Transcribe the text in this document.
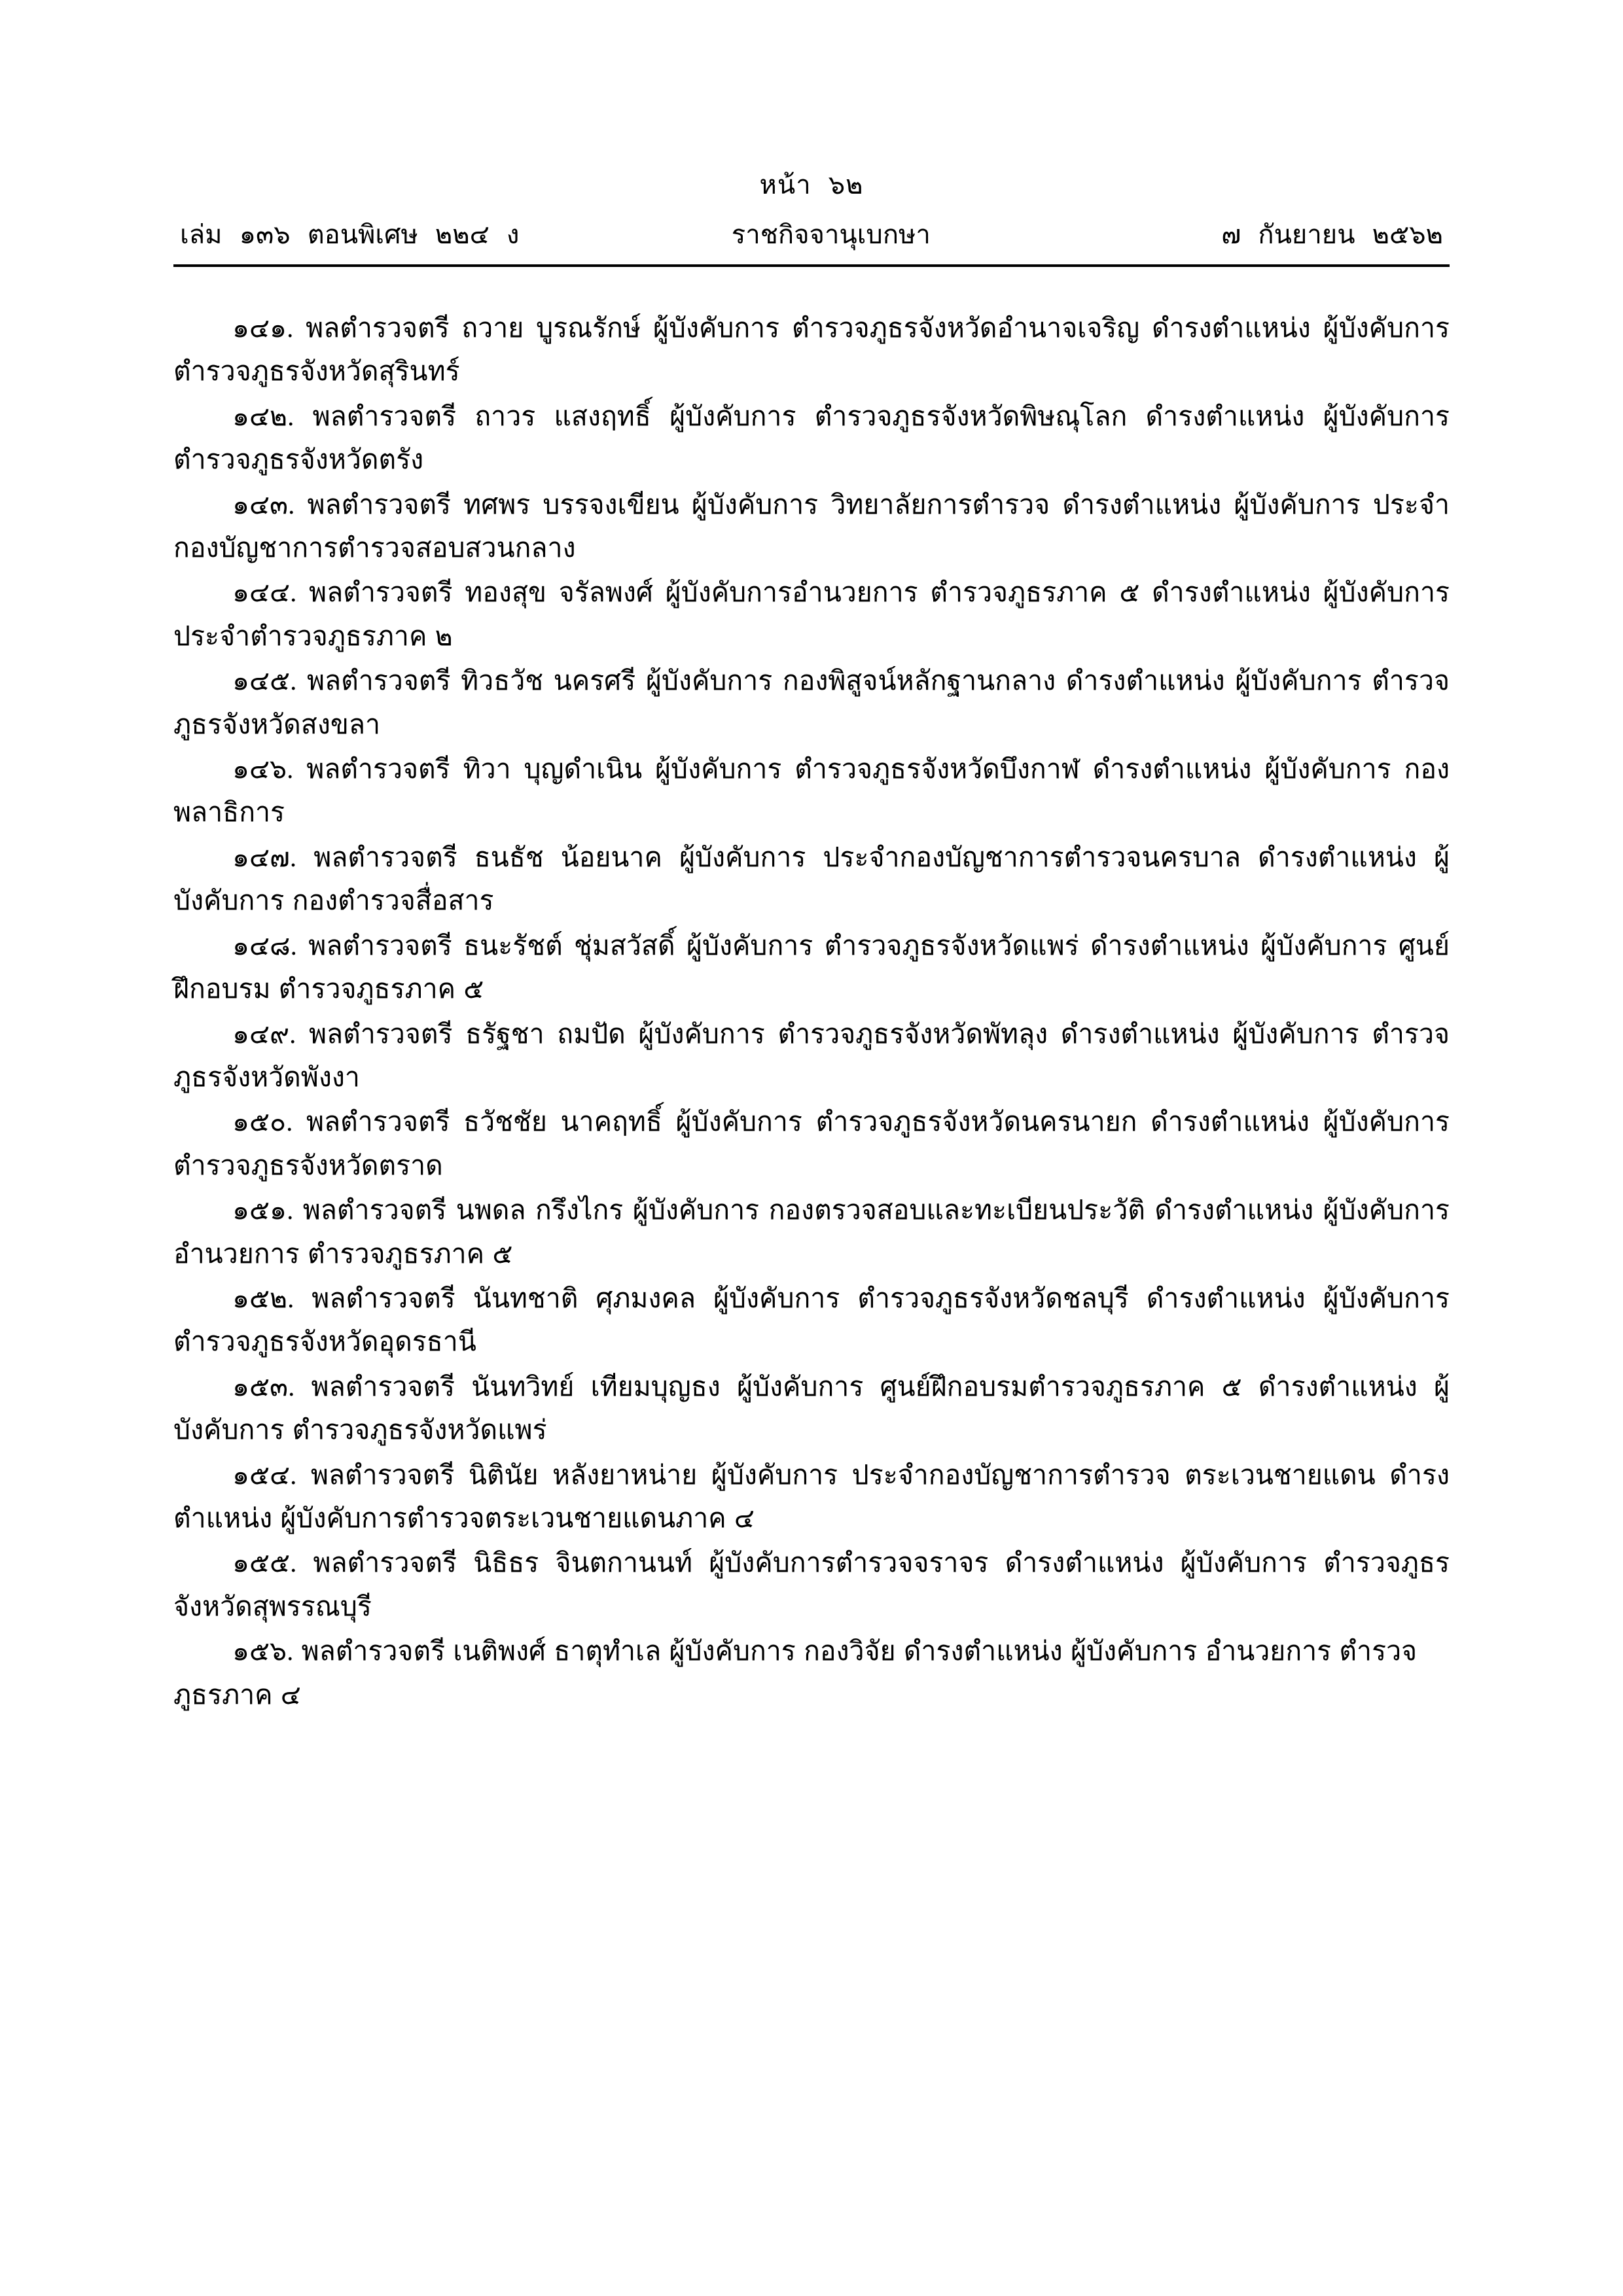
หน้า ๖๒
เล่ม ๑๓๖ ตอนพิเศษ ๒๒๔ ง	ราชกิจจานุเบกษา	๗ กันยายน ๒๕๖๒

๑๔๑. พลตำรวจตรี ถวาย บูรณรักษ์ ผู้บังคับการ ตำรวจภูธรจังหวัดอำนาจเจริญ ดำรงตำแหน่ง ผู้บังคับการ ตำรวจภูธรจังหวัดสุรินทร์

๑๔๒. พลตำรวจตรี ถาวร แสงฤทธิ์ ผู้บังคับการ ตำรวจภูธรจังหวัดพิษณุโลก ดำรงตำแหน่ง ผู้บังคับการ ตำรวจภูธรจังหวัดตรัง

๑๔๓. พลตำรวจตรี ทศพร บรรจงเขียน ผู้บังคับการ วิทยาลัยการตำรวจ ดำรงตำแหน่ง ผู้บังคับการ ประจำกองบัญชาการตำรวจสอบสวนกลาง

๑๔๔. พลตำรวจตรี ทองสุข จรัลพงศ์ ผู้บังคับการอำนวยการ ตำรวจภูธรภาค ๕ ดำรงตำแหน่ง ผู้บังคับการ ประจำตำรวจภูธรภาค ๒

๑๔๕. พลตำรวจตรี ทิวธวัช นครศรี ผู้บังคับการ กองพิสูจน์หลักฐานกลาง ดำรงตำแหน่ง ผู้บังคับการ ตำรวจภูธรจังหวัดสงขลา

๑๔๖. พลตำรวจตรี ทิวา บุญดำเนิน ผู้บังคับการ ตำรวจภูธรจังหวัดบึงกาฬ ดำรงตำแหน่ง ผู้บังคับการ กองพลาธิการ

๑๔๗. พลตำรวจตรี ธนธัช น้อยนาค ผู้บังคับการ ประจำกองบัญชาการตำรวจนครบาล ดำรงตำแหน่ง ผู้บังคับการ กองตำรวจสื่อสาร

๑๔๘. พลตำรวจตรี ธนะรัชต์ ชุ่มสวัสดิ์ ผู้บังคับการ ตำรวจภูธรจังหวัดแพร่ ดำรงตำแหน่ง ผู้บังคับการ ศูนย์ฝึกอบรม ตำรวจภูธรภาค ๕

๑๔๙. พลตำรวจตรี ธรัฐชา ถมปัด ผู้บังคับการ ตำรวจภูธรจังหวัดพัทลุง ดำรงตำแหน่ง ผู้บังคับการ ตำรวจภูธรจังหวัดพังงา

๑๕๐. พลตำรวจตรี ธวัชชัย นาคฤทธิ์ ผู้บังคับการ ตำรวจภูธรจังหวัดนครนายก ดำรงตำแหน่ง ผู้บังคับการ ตำรวจภูธรจังหวัดตราด

๑๕๑. พลตำรวจตรี นพดล กรึงไกร ผู้บังคับการ กองตรวจสอบและทะเบียนประวัติ ดำรงตำแหน่ง ผู้บังคับการอำนวยการ ตำรวจภูธรภาค ๕

๑๕๒. พลตำรวจตรี นันทชาติ ศุภมงคล ผู้บังคับการ ตำรวจภูธรจังหวัดชลบุรี ดำรงตำแหน่ง ผู้บังคับการ ตำรวจภูธรจังหวัดอุดรธานี

๑๕๓. พลตำรวจตรี นันทวิทย์ เทียมบุญธง ผู้บังคับการ ศูนย์ฝึกอบรมตำรวจภูธรภาค ๕ ดำรงตำแหน่ง ผู้บังคับการ ตำรวจภูธรจังหวัดแพร่

๑๕๔. พลตำรวจตรี นิตินัย หลังยาหน่าย ผู้บังคับการ ประจำกองบัญชาการตำรวจ ตระเวนชายแดน ดำรงตำแหน่ง ผู้บังคับการตำรวจตระเวนชายแดนภาค ๔

๑๕๕. พลตำรวจตรี นิธิธร จินตกานนท์ ผู้บังคับการตำรวจจราจร ดำรงตำแหน่ง ผู้บังคับการ ตำรวจภูธรจังหวัดสุพรรณบุรี

๑๕๖. พลตำรวจตรี เนติพงศ์ ธาตุทำเล ผู้บังคับการ กองวิจัย ดำรงตำแหน่ง ผู้บังคับการ อำนวยการ ตำรวจภูธรภาค ๔
